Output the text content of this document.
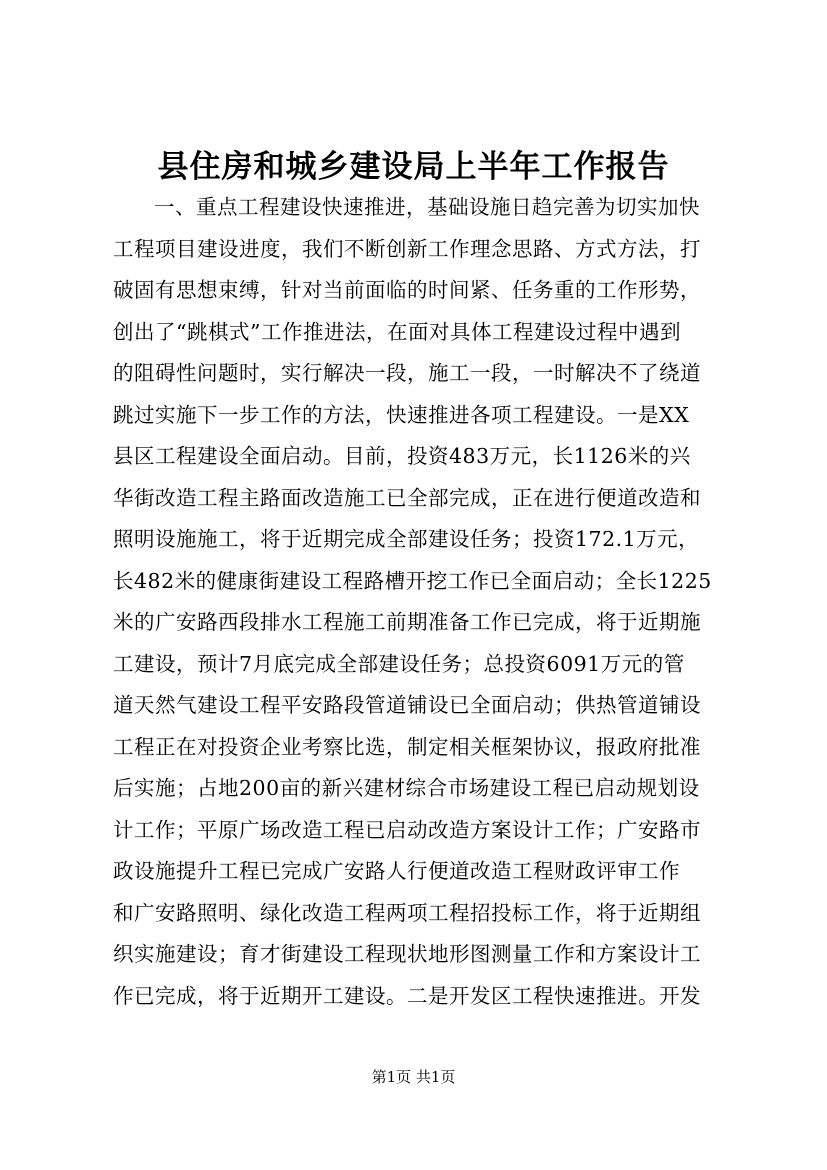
县住房和城乡建设局上半年工作报告
一、重点工程建设快速推进，基础设施日趋完善为切实加快
工程项目建设进度，我们不断创新工作理念思路、方式方法，打
破固有思想束缚，针对当前面临的时间紧、任务重的工作形势，
创出了“跳棋式”工作推进法，在面对具体工程建设过程中遇到
的阻碍性问题时，实行解决一段，施工一段，一时解决不了绕道
跳过实施下一步工作的方法，快速推进各项工程建设。一是XX
县区工程建设全面启动。目前，投资483万元，长1126米的兴
华街改造工程主路面改造施工已全部完成，正在进行便道改造和
照明设施施工，将于近期完成全部建设任务；投资172.1万元，
长482米的健康街建设工程路槽开挖工作已全面启动；全长1225
米的广安路西段排水工程施工前期准备工作已完成，将于近期施
工建设，预计7月底完成全部建设任务；总投资6091万元的管
道天然气建设工程平安路段管道铺设已全面启动；供热管道铺设
工程正在对投资企业考察比选，制定相关框架协议，报政府批准
后实施；占地200亩的新兴建材综合市场建设工程已启动规划设
计工作；平原广场改造工程已启动改造方案设计工作；广安路市
政设施提升工程已完成广安路人行便道改造工程财政评审工作
和广安路照明、绿化改造工程两项工程招投标工作，将于近期组
织实施建设；育才街建设工程现状地形图测量工作和方案设计工
作已完成，将于近期开工建设。二是开发区工程快速推进。开发
第1页 共1页
